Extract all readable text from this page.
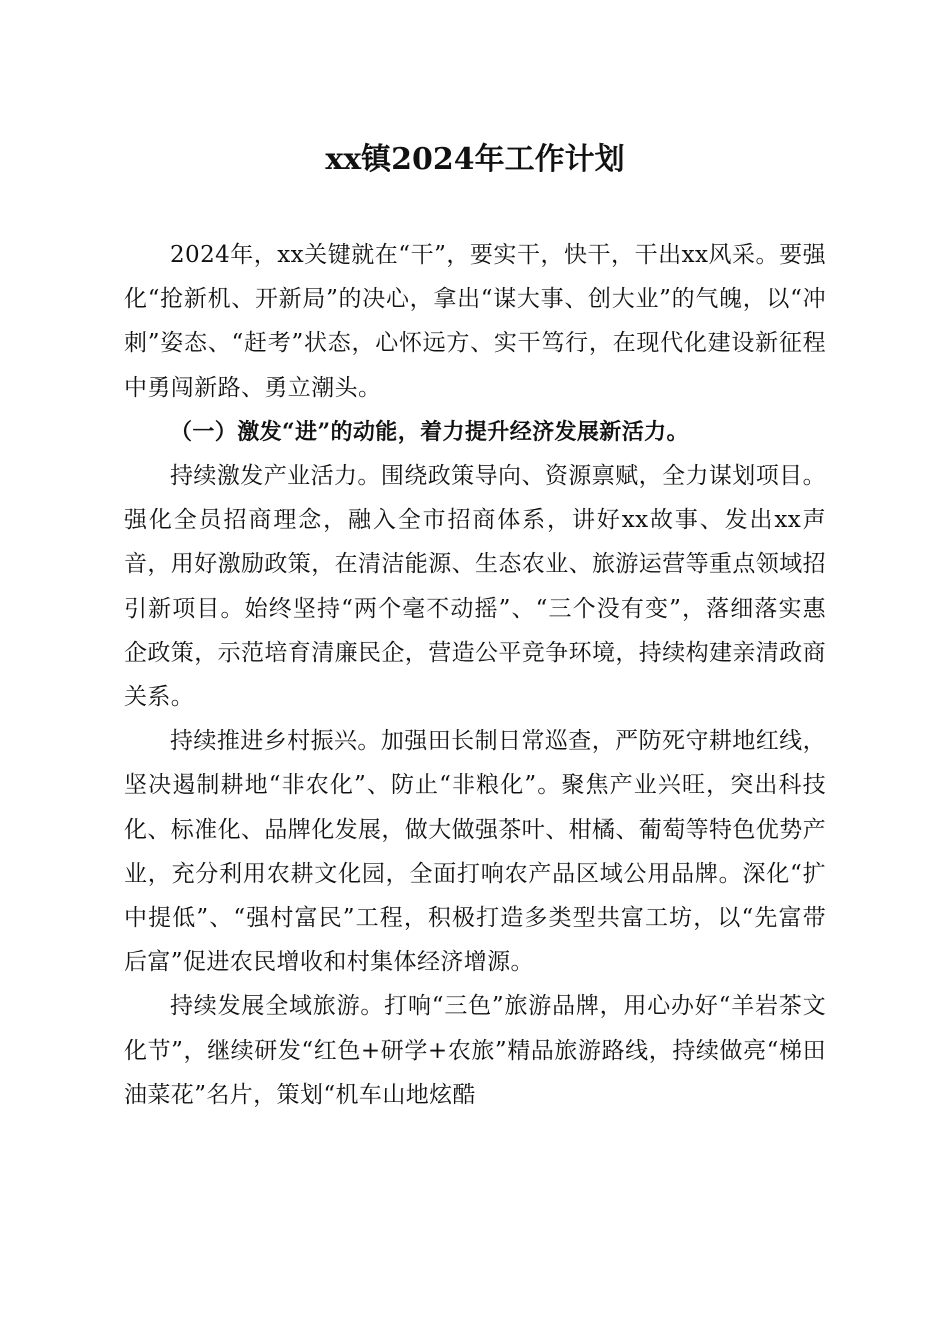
xx镇2024年工作计划

2024年，xx关键就在“干”，要实干，快干，干出xx风采。要强化“抢新机、开新局”的决心，拿出“谋大事、创大业”的气魄，以“冲刺”姿态、“赶考”状态，心怀远方、实干笃行，在现代化建设新征程中勇闯新路、勇立潮头。

（一）激发“进”的动能，着力提升经济发展新活力。

持续激发产业活力。围绕政策导向、资源禀赋，全力谋划项目。强化全员招商理念，融入全市招商体系，讲好xx故事、发出xx声音，用好激励政策，在清洁能源、生态农业、旅游运营等重点领域招引新项目。始终坚持“两个毫不动摇”、“三个没有变”，落细落实惠企政策，示范培育清廉民企，营造公平竞争环境，持续构建亲清政商关系。

持续推进乡村振兴。加强田长制日常巡查，严防死守耕地红线，坚决遏制耕地“非农化”、防止“非粮化”。聚焦产业兴旺，突出科技化、标准化、品牌化发展，做大做强茶叶、柑橘、葡萄等特色优势产业，充分利用农耕文化园，全面打响农产品区域公用品牌。深化“扩中提低”、“强村富民”工程，积极打造多类型共富工坊，以“先富带后富”促进农民增收和村集体经济增源。

持续发展全域旅游。打响“三色”旅游品牌，用心办好“羊岩茶文化节”，继续研发“红色+研学+农旅”精品旅游路线，持续做亮“梯田油菜花”名片，策划“机车山地炫酷
